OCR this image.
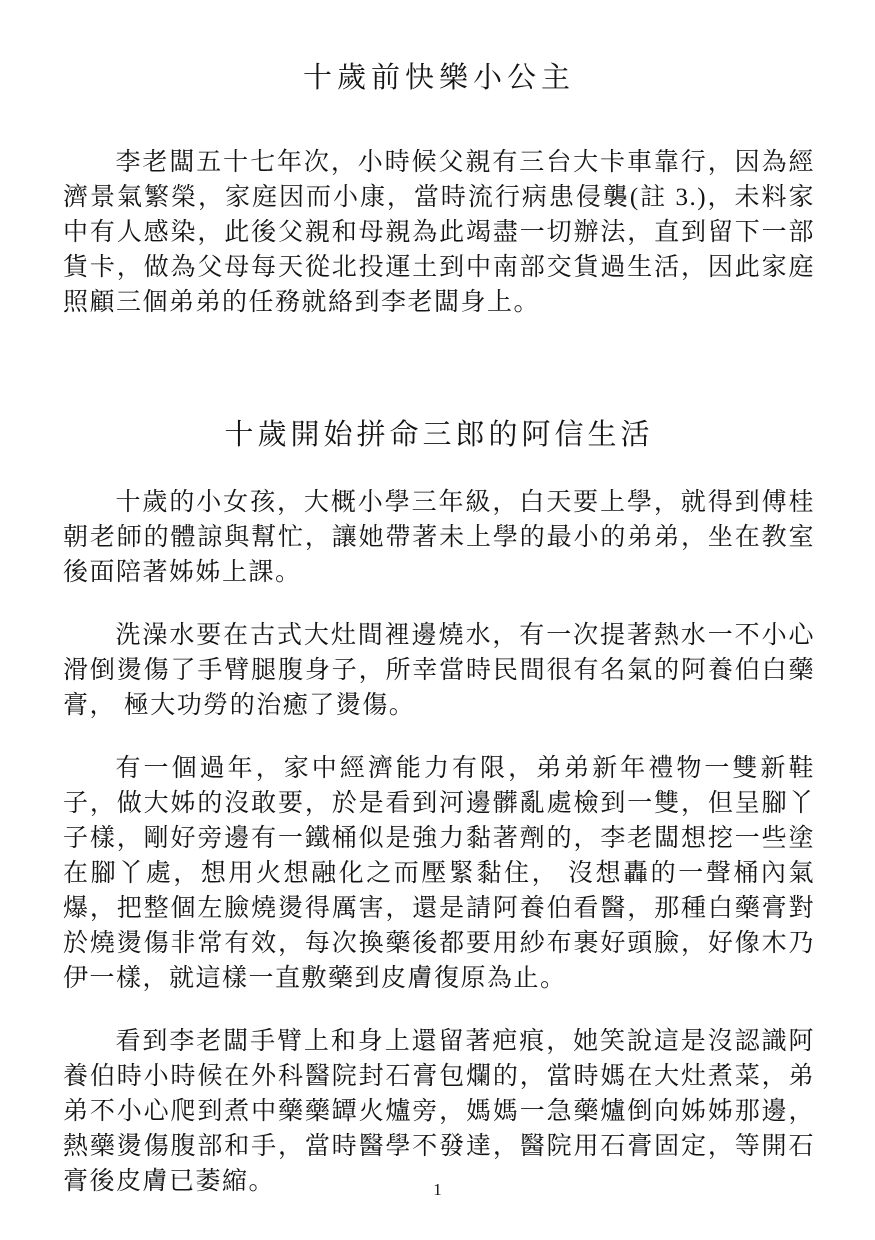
十歲前快樂小公主

李老闆五十七年次，小時候父親有三台大卡車靠行，因為經濟景氣繁榮，家庭因而小康，當時流行病患侵襲(註 3.)，未料家中有人感染，此後父親和母親為此竭盡一切辦法，直到留下一部貨卡，做為父母每天從北投運土到中南部交貨過生活，因此家庭照顧三個弟弟的任務就絡到李老闆身上。

十歲開始拼命三郎的阿信生活

十歲的小女孩，大概小學三年級，白天要上學，就得到傅桂朝老師的體諒與幫忙，讓她帶著未上學的最小的弟弟，坐在教室後面陪著姊姊上課。

洗澡水要在古式大灶間裡邊燒水，有一次提著熱水一不小心滑倒燙傷了手臂腿腹身子，所幸當時民間很有名氣的阿養伯白藥膏， 極大功勞的治癒了燙傷。

有一個過年，家中經濟能力有限，弟弟新年禮物一雙新鞋子，做大姊的沒敢要，於是看到河邊髒亂處檢到一雙，但呈腳丫子樣，剛好旁邊有一鐵桶似是強力黏著劑的，李老闆想挖一些塗在腳丫處，想用火想融化之而壓緊黏住， 沒想轟的一聲桶內氣爆，把整個左臉燒燙得厲害，還是請阿養伯看醫，那種白藥膏對於燒燙傷非常有效，每次換藥後都要用紗布裹好頭臉，好像木乃伊一樣，就這樣一直敷藥到皮膚復原為止。

看到李老闆手臂上和身上還留著疤痕，她笑說這是沒認識阿養伯時小時候在外科醫院封石膏包爛的，當時媽在大灶煮菜，弟弟不小心爬到煮中藥藥罈火爐旁，媽媽一急藥爐倒向姊姊那邊，熱藥燙傷腹部和手，當時醫學不發達，醫院用石膏固定，等開石膏後皮膚已萎縮。	1
